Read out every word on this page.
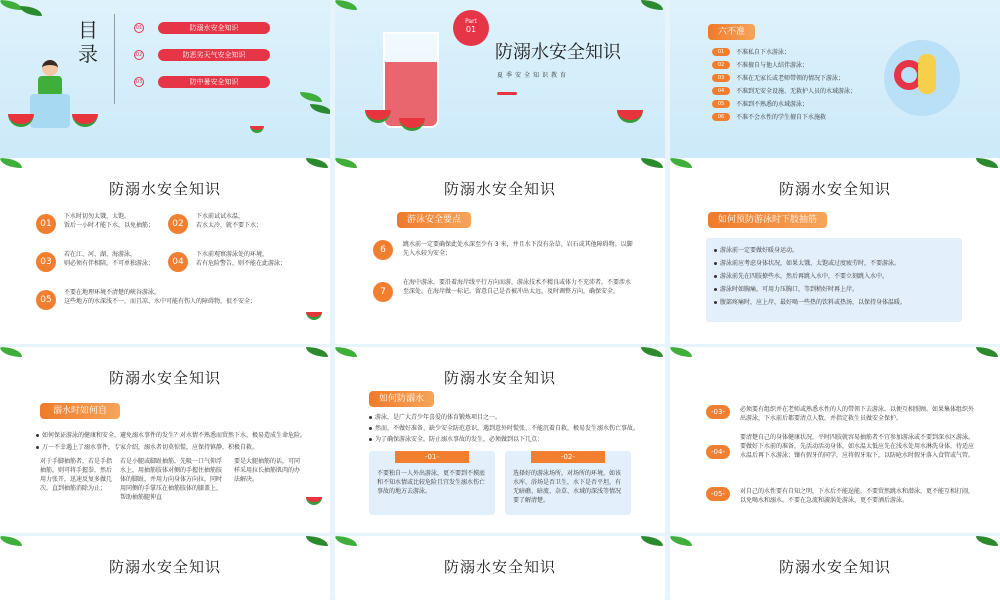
目录
01	防溺水安全知识
02	防恶劣天气安全知识
03	防中暑安全知识
Part
01
防溺水安全知识
夏季安全知识教育
六不准
01	不准私自下水游泳；
02	不准擅自与他人结伴游泳；
03	不准在无家长或老师带领的情况下游泳；
04	不准到无安全设施、无救护人员的水域游泳；
05	不准到不熟悉的水域游泳；
06	不准不会水性的学生擅自下水施救
防溺水安全知识
01
下水时切勿太饿、太饱。
饭后一小时才能下水，以免抽筋；	02
下水前试试水温，
若水太冷，就不要下水；
03
若在江、河、湖、海游泳，
则必须有伴相陪，不可单独游泳；	04
下水前观察游泳处的环境，
若有危险警告，则不能在此游泳；
05
不要在地理环境不清楚的峡谷游泳。
这些地方的水深浅不一，而且凉、水中可能有伤人的障碍物，很不安全；
防溺水安全知识
游泳安全要点
6
跳水前一定要确保此处水深至少有 3 米，并且水下没有杂草、岩石或其他障碍物。以脚先入水较为安全；
7
在海中游泳，要沿着海岸线平行方向而游，游泳技术不精良或体力不充沛者，不要涉水至深处。在海岸做一标记，留意自己是否被冲出太远，及时调整方向，确保安全。
防溺水安全知识
如何预防游泳时下肢抽筋
游泳前一定要做好暖身运动。
游泳前应考虑身体状况，如果太饿、太饱或过度疲劳时，不要游泳。
游泳前先在四肢撩些水，然后再跳入水中，不要立刻跳入水中。
游泳时如胸痛，可用力压胸口，等到稍好时再上岸。
腹部疼痛时，应上岸，最好喝一些热的饮料或热汤，以保持身体温暖。
防溺水安全知识
溺水时如何自救
如何保证游泳的健康和安全，避免溺水事件的发生？对水情不熟悉而贸然下水，极易造成生命危险。
万一不幸遇上了溺水事件，专家介绍，溺水者切莫惊慌，应保持镇静，积极自救。
对于手脚抽筋者，若是手指抽筋，则可将手握拳，然后用力张开，迅速反复多做几次，直到抽筋消除为止；
若是小腿或脚趾抽筋，先吸一口气仰浮水上，用抽筋肢体对侧的手握住抽筋肢体的脚趾，并用力向身体方向拉，同时用同侧的手掌压在抽筋肢体的膝盖上，帮助抽筋腿伸直
要是大腿抽筋的话，可同样采用拉长抽筋肌肉的办法解决。
防溺水安全知识
如何防溺水
游泳，是广大青少年喜爱的体育锻炼项目之一。
然而，不做好准备、缺少安全防范意识，遇到意外时慌张、不能沉着自救，极易发生溺水伤亡事故。
为了确保游泳安全，防止溺水事故的发生，必须做到以下几点：
-01-
不要独自一人外出游泳，更不要到不摸底和不知水情或比较危险且宜发生溺水伤亡事故的地方去游泳。
-02-
选择好的游泳场所，对场所的环境，如该水库、浴场是否卫生，水下是否平坦，有无暗礁、暗流、杂草、水域的深浅等情况要了解清楚。
-03-	必须要有组织并在老师或熟悉水性的人的带领下去游泳。以便互相照顾。如果集体组织外出游泳，下水前后都要清点人数，并指定救生员做安全保护。
-04-
要清楚自己的身体健康状况，平时四肢就容易抽筋者不宜参加游泳或不要到深水区游泳。要做好下水前的准备，先活动活动身体，如水温太低应先在浅水处用水淋洗身体，待适应水温后再下水游泳；镶有假牙的同学，应将假牙取下，以防呛水时假牙落入食管或气管。
-05-	对自己的水性要有自知之明，下水后不能逞能，不要贸然跳水和潜泳，更不能互相打闹，以免喝水和溺水。不要在急流和漩涡处游泳，更不要酒后游泳。
防溺水安全知识	防溺水安全知识	防溺水安全知识
